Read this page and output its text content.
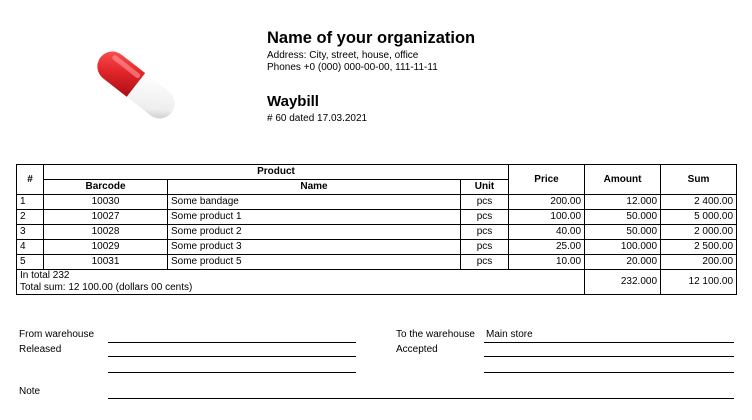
Name of your organization
Address: City, street, house, office
Phones +0 (000) 000-00-00, 111-11-11
Waybill
# 60 dated 17.03.2021
#	Product			Price	Amount	Sum
	Barcode	Name	Unit			
1	10030	Some bandage	pcs	200.00	12.000	2 400.00
2	10027	Some product 1	pcs	100.00	50.000	5 000.00
3	10028	Some product 2	pcs	40.00	50.000	2 000.00
4	10029	Some product 3	pcs	25.00	100.000	2 500.00
5	10031	Some product 5	pcs	10.00	20.000	200.00

In total 232
Total sum: 12 100.00 (dollars 00 cents)					232.000	12 100.00
From warehouse
Released
To the warehouse Main store
Accepted
Note
